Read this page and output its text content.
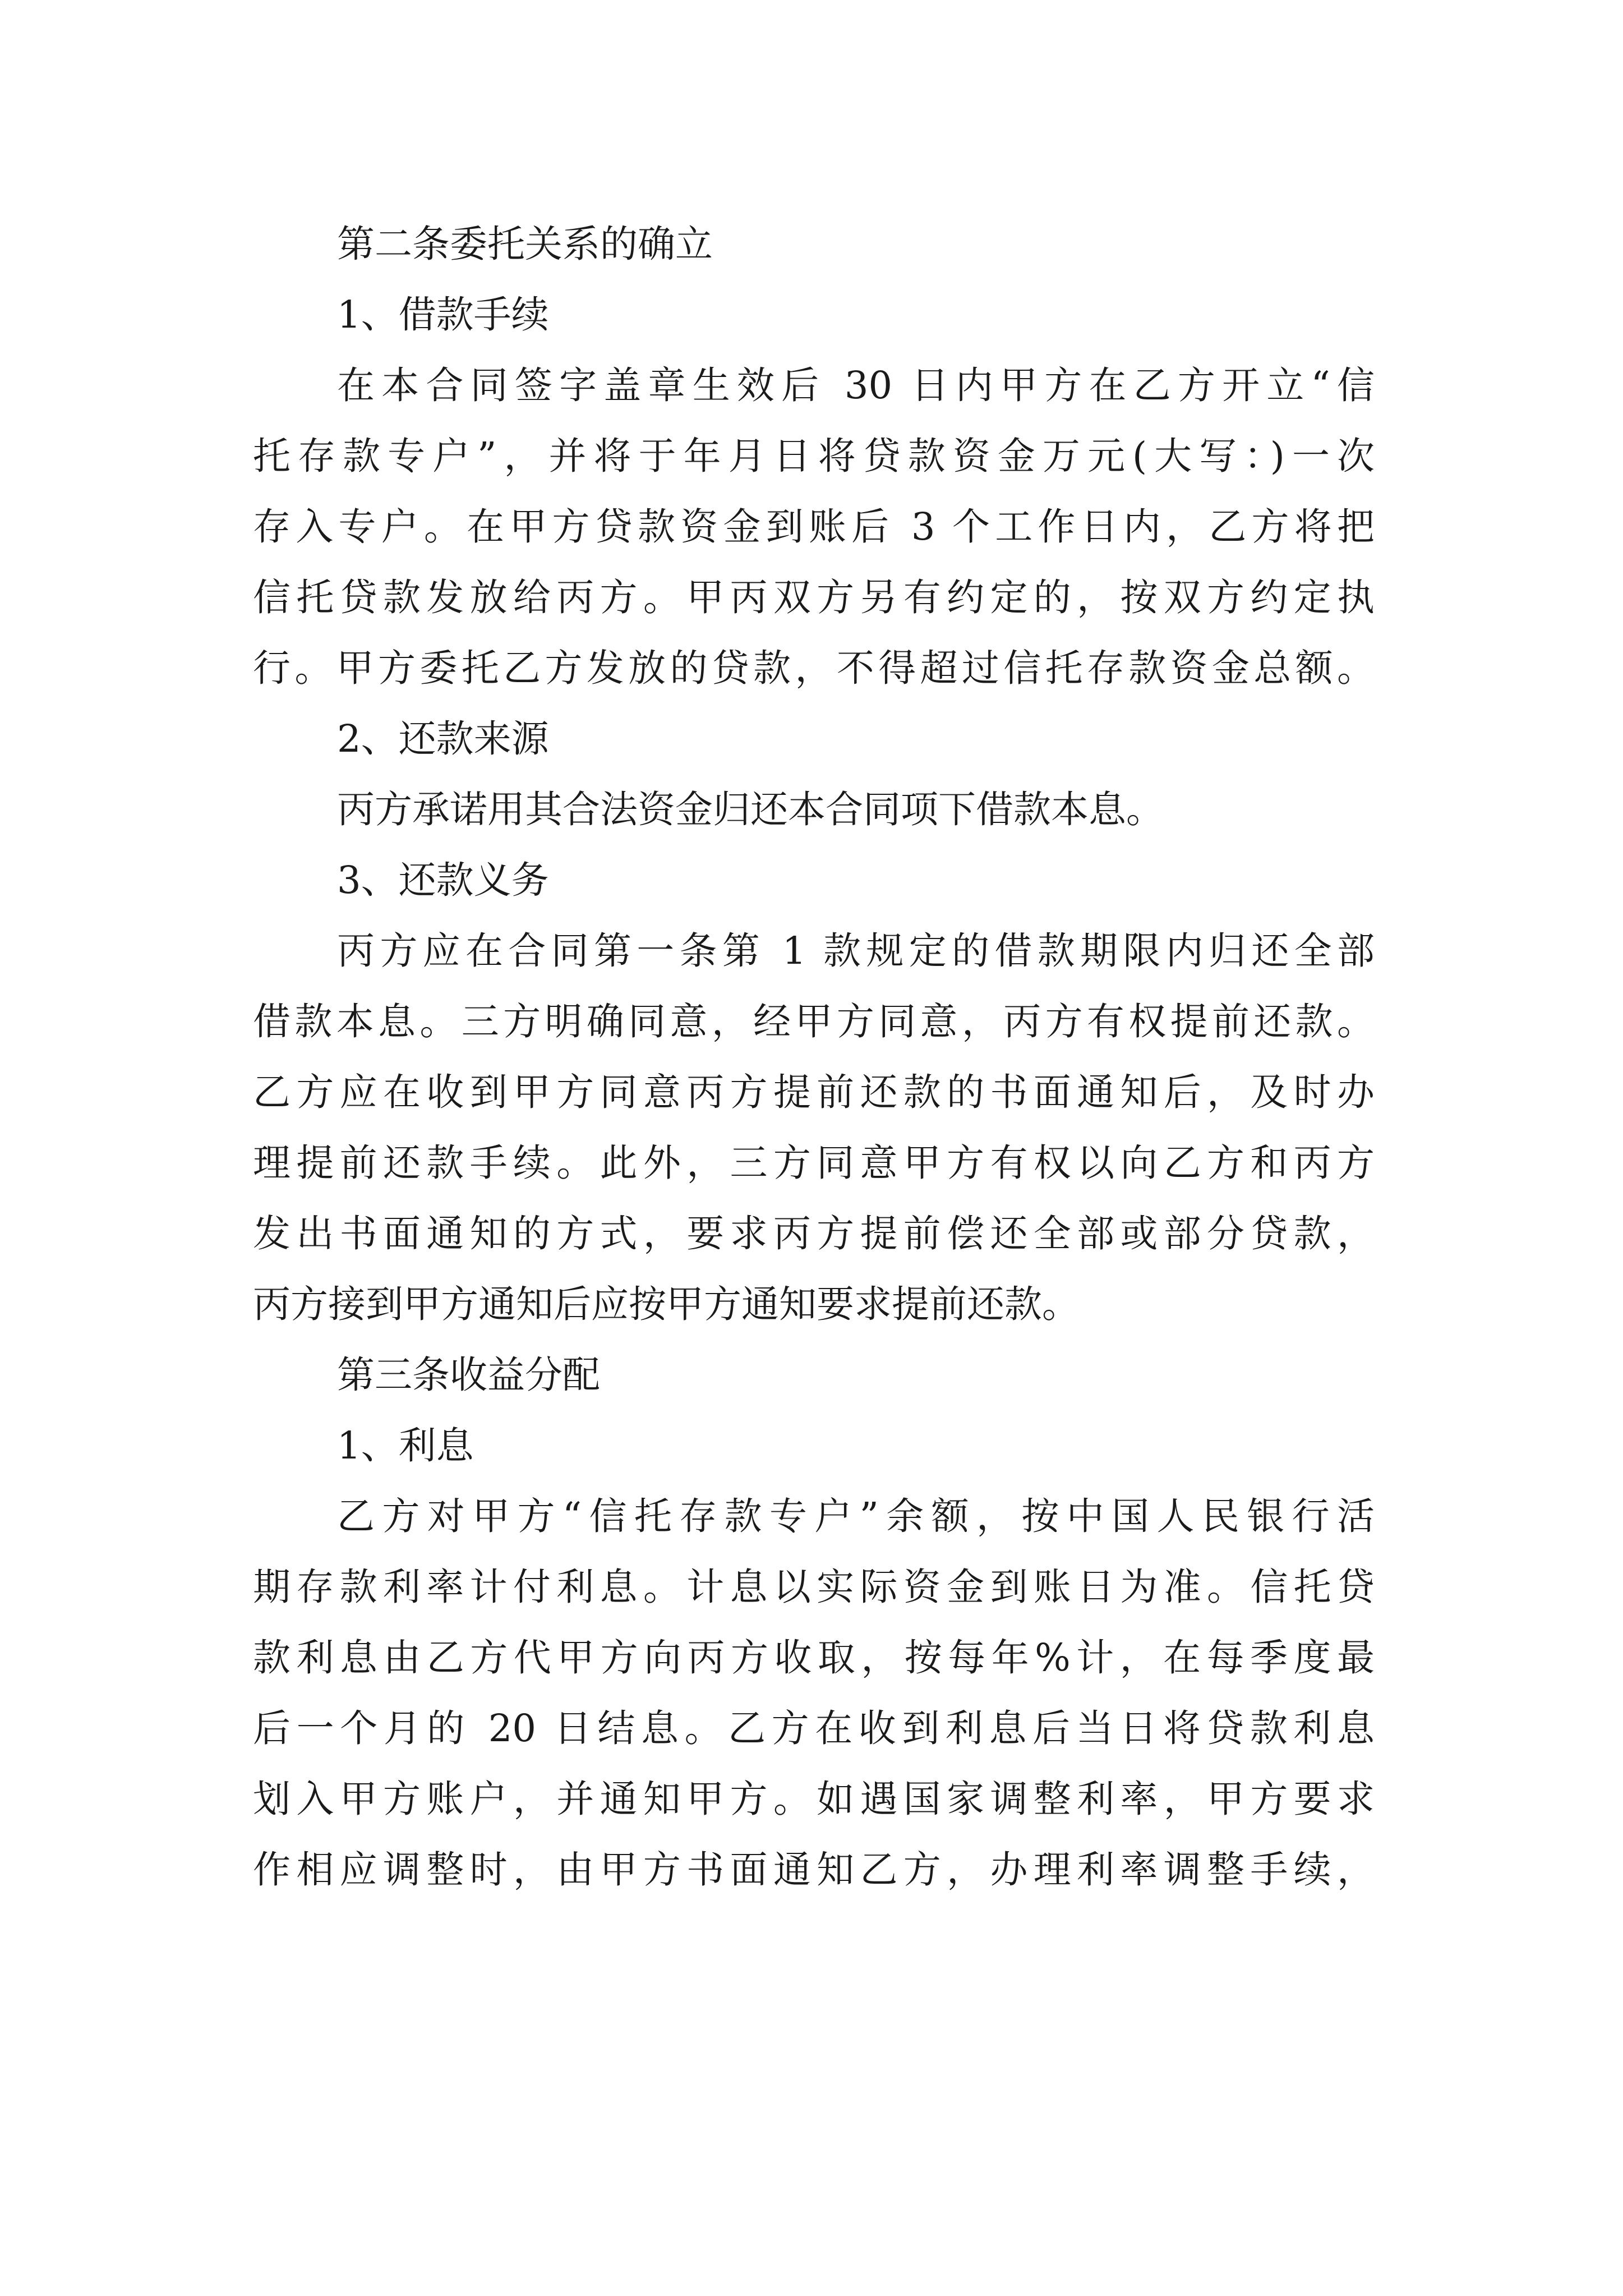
第二条委托关系的确立
1、借款手续
在本合同签字盖章生效后 30 日内甲方在乙方开立“信
托存款专户”，并将于年月日将贷款资金万元(大写：)一次
存入专户。在甲方贷款资金到账后 3 个工作日内，乙方将把
信托贷款发放给丙方。甲丙双方另有约定的，按双方约定执
行。甲方委托乙方发放的贷款，不得超过信托存款资金总额。
2、还款来源
丙方承诺用其合法资金归还本合同项下借款本息。
3、还款义务
丙方应在合同第一条第 1 款规定的借款期限内归还全部
借款本息。三方明确同意，经甲方同意，丙方有权提前还款。
乙方应在收到甲方同意丙方提前还款的书面通知后，及时办
理提前还款手续。此外，三方同意甲方有权以向乙方和丙方
发出书面通知的方式，要求丙方提前偿还全部或部分贷款，
丙方接到甲方通知后应按甲方通知要求提前还款。
第三条收益分配
1、利息
乙方对甲方“信托存款专户”余额，按中国人民银行活
期存款利率计付利息。计息以实际资金到账日为准。信托贷
款利息由乙方代甲方向丙方收取，按每年%计，在每季度最
后一个月的 20 日结息。乙方在收到利息后当日将贷款利息
划入甲方账户，并通知甲方。如遇国家调整利率，甲方要求
作相应调整时，由甲方书面通知乙方，办理利率调整手续，
